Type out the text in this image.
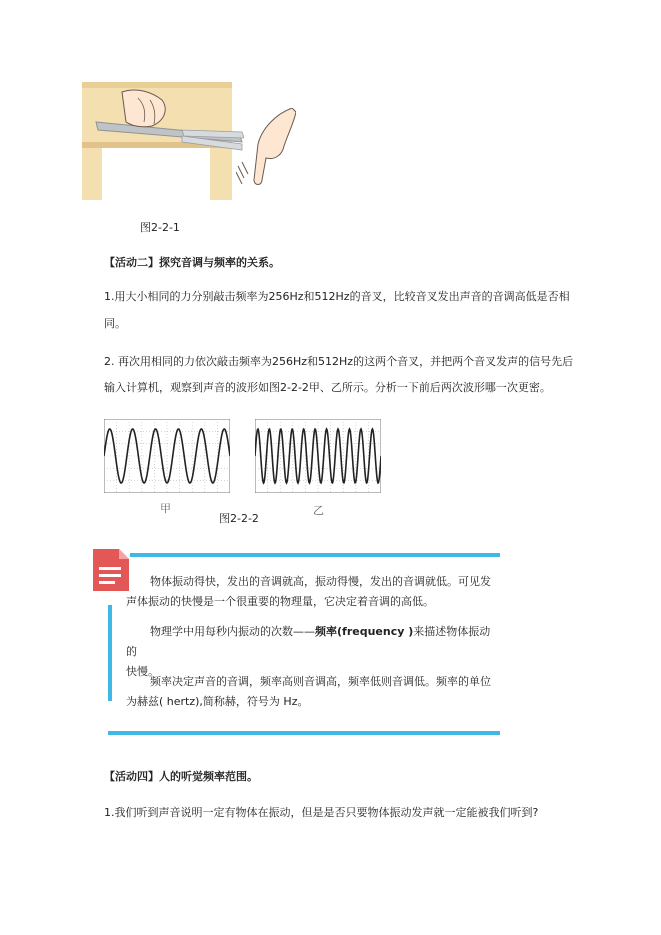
图2-2-1
【活动二】探究音调与频率的关系。
1.用大小相同的力分别敲击频率为256Hz和512Hz的音叉，比较音叉发出声音的音调高低是否相
同。
2. 再次用相同的力依次敲击频率为256Hz和512Hz的这两个音叉，并把两个音叉发声的信号先后
输入计算机，观察到声音的波形如图2-2-2甲、乙所示。分析一下前后两次波形哪一次更密。
甲
图2-2-2
乙
物体振动得快，发出的音调就高，振动得慢，发出的音调就低。可见发
声体振动的快慢是一个很重要的物理量，它决定着音调的高低。
物理学中用每秒内振动的次数——频率(frequency )来描述物体振动的
快慢。
频率决定声音的音调，频率高则音调高，频率低则音调低。频率的单位
为赫兹( hertz),简称赫，符号为 Hz。
【活动四】人的听觉频率范围。
1.我们听到声音说明一定有物体在振动，但是是否只要物体振动发声就一定能被我们听到?
